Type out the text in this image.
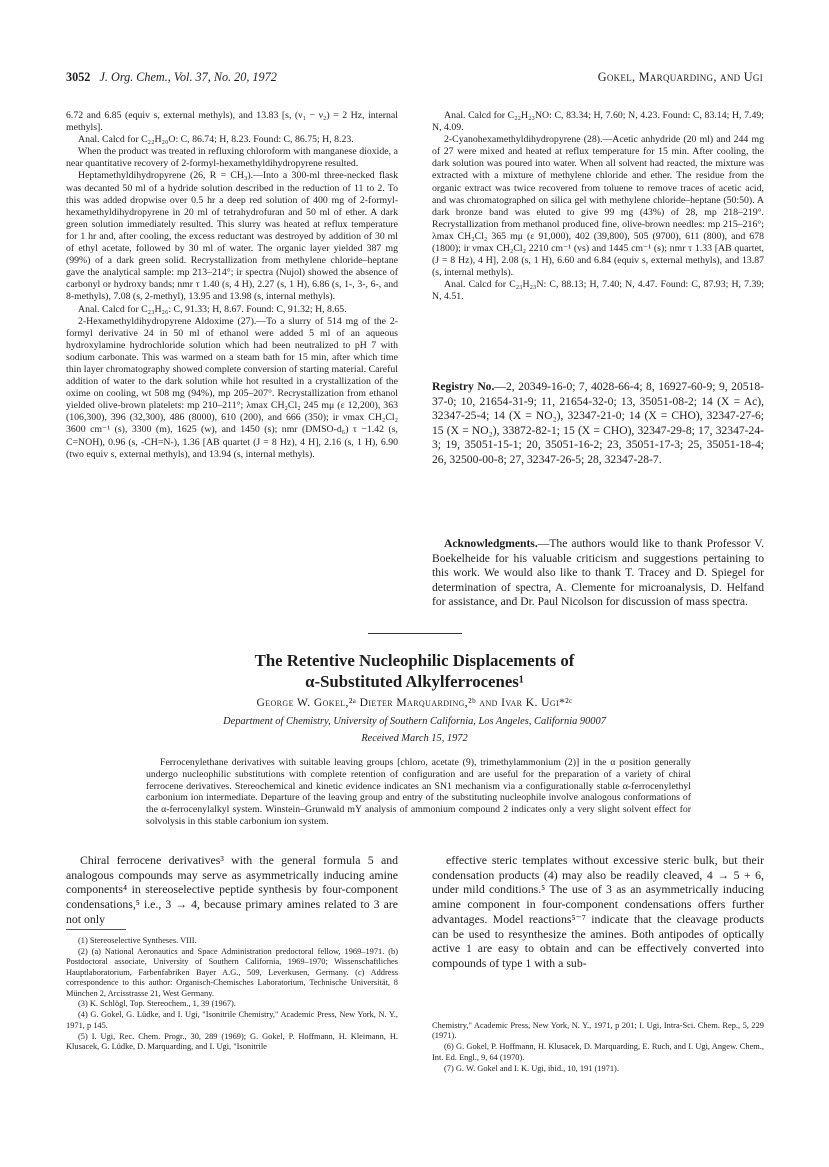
3052 J. Org. Chem., Vol. 37, No. 20, 1972	Gokel, Marquarding, and Ugi

6.72 and 6.85 (equiv s, external methyls), and 13.83 [s, (ν₁ − ν₂) = 2 Hz, internal methyls].

Anal. Calcd for C₂₂H₂₀O: C, 86.74; H, 8.23. Found: C, 86.75; H, 8.23.

When the product was treated in refluxing chloroform with manganese dioxide, a near quantitative recovery of 2-formyl-hexamethyldihydropyrene resulted.

Heptamethyldihydropyrene (26, R = CH₃).—Into a 300-ml three-necked flask was decanted 50 ml of a hydride solution described in the reduction of 11 to 2. To this was added dropwise over 0.5 hr a deep red solution of 400 mg of 2-formyl-hexamethyldihydropyrene in 20 ml of tetrahydrofuran and 50 ml of ether. A dark green solution immediately resulted. This slurry was heated at reflux temperature for 1 hr and, after cooling, the excess reductant was destroyed by addition of 30 ml of ethyl acetate, followed by 30 ml of water. The organic layer yielded 387 mg (99%) of a dark green solid. Recrystallization from methylene chloride–heptane gave the analytical sample: mp 213–214°; ir spectra (Nujol) showed the absence of carbonyl or hydroxy bands; nmr τ 1.40 (s, 4 H), 2.27 (s, 1 H), 6.86 (s, 1-, 3-, 6-, and 8-methyls), 7.08 (s, 2-methyl), 13.95 and 13.98 (s, internal methyls).

Anal. Calcd for C₂₃H₂₆: C, 91.33; H, 8.67. Found: C, 91.32; H, 8.65.

2-Hexamethyldihydropyrene Aldoxime (27).—To a slurry of 514 mg of the 2-formyl derivative 24 in 50 ml of ethanol were added 5 ml of an aqueous hydroxylamine hydrochloride solution which had been neutralized to pH 7 with sodium carbonate. This was warmed on a steam bath for 15 min, after which time thin layer chromatography showed complete conversion of starting material. Careful addition of water to the dark solution while hot resulted in a crystallization of the oxime on cooling, wt 508 mg (94%), mp 205–207°. Recrystallization from ethanol yielded olive-brown platelets: mp 210–211°; λmax CH₂Cl₂ 245 mμ (ε 12,200), 363 (106,300), 396 (32,300), 486 (8000), 610 (200), and 666 (350); ir νmax CH₂Cl₂ 3600 cm⁻¹ (s), 3300 (m), 1625 (w), and 1450 (s); nmr (DMSO-d₆) τ −1.42 (s, C=NOH), 0.96 (s, -CH=N-), 1.36 [AB quartet (J = 8 Hz), 4 H], 2.16 (s, 1 H), 6.90 (two equiv s, external methyls), and 13.94 (s, internal methyls).

Anal. Calcd for C₂₂H₂₃NO: C, 83.34; H, 7.60; N, 4.23. Found: C, 83.14; H, 7.49; N, 4.09.

2-Cyanohexamethyldihydropyrene (28).—Acetic anhydride (20 ml) and 244 mg of 27 were mixed and heated at reflux temperature for 15 min. After cooling, the dark solution was poured into water. When all solvent had reacted, the mixture was extracted with a mixture of methylene chloride and ether. The residue from the organic extract was twice recovered from toluene to remove traces of acetic acid, and was chromatographed on silica gel with methylene chloride–heptane (50:50). A dark bronze band was eluted to give 99 mg (43%) of 28, mp 218–219°. Recrystallization from methanol produced fine, olive-brown needles: mp 215–216°; λmax CH₂Cl₂ 365 mμ (ε 91,000), 402 (39,800), 505 (9700), 611 (800), and 678 (1800); ir νmax CH₂Cl₂ 2210 cm⁻¹ (vs) and 1445 cm⁻¹ (s); nmr τ 1.33 [AB quartet, (J = 8 Hz), 4 H], 2.08 (s, 1 H), 6.60 and 6.84 (equiv s, external methyls), and 13.87 (s, internal methyls).

Anal. Calcd for C₂₃H₂₃N: C, 88.13; H, 7.40; N, 4.47. Found: C, 87.93; H, 7.39; N, 4.51.

Registry No.—2, 20349-16-0; 7, 4028-66-4; 8, 16927-60-9; 9, 20518-37-0; 10, 21654-31-9; 11, 21654-32-0; 13, 35051-08-2; 14 (X = Ac), 32347-25-4; 14 (X = NO₂), 32347-21-0; 14 (X = CHO), 32347-27-6; 15 (X = NO₂), 33872-82-1; 15 (X = CHO), 32347-29-8; 17, 32347-24-3; 19, 35051-15-1; 20, 35051-16-2; 23, 35051-17-3; 25, 35051-18-4; 26, 32500-00-8; 27, 32347-26-5; 28, 32347-28-7.

Acknowledgments.—The authors would like to thank Professor V. Boekelheide for his valuable criticism and suggestions pertaining to this work. We would also like to thank T. Tracey and D. Spiegel for determination of spectra, A. Clemente for microanalysis, D. Helfand for assistance, and Dr. Paul Nicolson for discussion of mass spectra.

The Retentive Nucleophilic Displacements of
α-Substituted Alkylferrocenes¹
George W. Gokel,²ᵃ Dieter Marquarding,²ᵇ and Ivar K. Ugi*²ᶜ
Department of Chemistry, University of Southern California, Los Angeles, California 90007
Received March 15, 1972

Ferrocenylethane derivatives with suitable leaving groups [chloro, acetate (9), trimethylammonium (2)] in the α position generally undergo nucleophilic substitutions with complete retention of configuration and are useful for the preparation of a variety of chiral ferrocene derivatives. Stereochemical and kinetic evidence indicates an SN1 mechanism via a configurationally stable α-ferrocenylethyl carbonium ion intermediate. Departure of the leaving group and entry of the substituting nucleophile involve analogous conformations of the α-ferrocenylalkyl system. Winstein–Grunwald mY analysis of ammonium compound 2 indicates only a very slight solvent effect for solvolysis in this stable carbonium ion system.

Chiral ferrocene derivatives³ with the general formula 5 and analogous compounds may serve as asymmetrically inducing amine components⁴ in stereoselective peptide synthesis by four-component condensations,⁵ i.e., 3 → 4, because primary amines related to 3 are not only

effective steric templates without excessive steric bulk, but their condensation products (4) may also be readily cleaved, 4 → 5 + 6, under mild conditions.⁵ The use of 3 as an asymmetrically inducing amine component in four-component condensations offers further advantages. Model reactions⁵⁻⁷ indicate that the cleavage products can be used to resynthesize the amines. Both antipodes of optically active 1 are easy to obtain and can be effectively converted into compounds of type 1 with a sub-

(1) Stereoselective Syntheses. VIII.

(2) (a) National Aeronautics and Space Administration predoctoral fellow, 1969–1971. (b) Postdoctoral associate, University of Southern California, 1969–1970; Wissenschaftliches Hauptlaboratorium, Farbenfabriken Bayer A.G., 509, Leverkusen, Germany. (c) Address correspondence to this author: Organisch-Chemisches Laboratorium, Technische Universität, 8 München 2, Arcisstrasse 21, West Germany.

(3) K. Schlögl, Top. Stereochem., 1, 39 (1967).

(4) G. Gokel, G. Lüdke, and I. Ugi, "Isonitrile Chemistry," Academic Press, New York, N. Y., 1971, p 145.

(5) I. Ugi, Rec. Chem. Progr., 30, 289 (1969); G. Gokel, P. Hoffmann, H. Kleimann, H. Klusacek, G. Lüdke, D. Marquarding, and I. Ugi, "Isonitrile

Chemistry," Academic Press, New York, N. Y., 1971, p 201; I. Ugi, Intra-Sci. Chem. Rep., 5, 229 (1971).

(6) G. Gokel, P. Hoffmann, H. Klusacek, D. Marquarding, E. Ruch, and I. Ugi, Angew. Chem., Int. Ed. Engl., 9, 64 (1970).

(7) G. W. Gokel and I. K. Ugi, ibid., 10, 191 (1971).
